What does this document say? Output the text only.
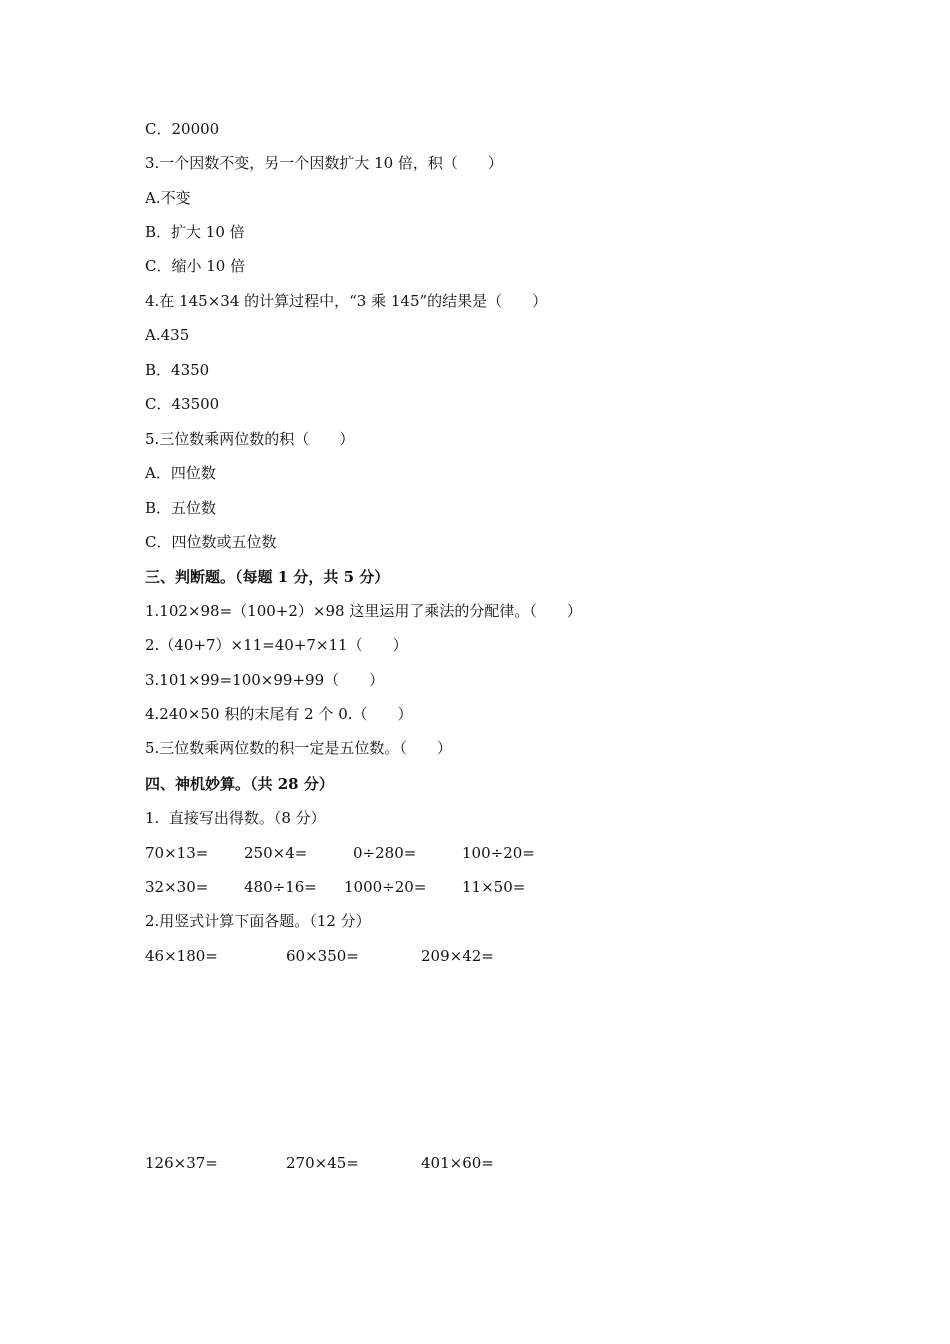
C．20000
3.一个因数不变，另一个因数扩大 10 倍，积（　　）
A.不变
B．扩大 10 倍
C．缩小 10 倍
4.在 145×34 的计算过程中，“3 乘 145”的结果是（　　）
A.435
B．4350
C．43500
5.三位数乘两位数的积（　　）
A．四位数
B．五位数
C．四位数或五位数
三、判断题。（每题 1 分，共 5 分）
1.102×98=（100+2）×98 这里运用了乘法的分配律。（　　）
2.（40+7）×11=40+7×11（　　）
3.101×99=100×99+99（　　）
4.240×50 积的末尾有 2 个 0.（　　）
5.三位数乘两位数的积一定是五位数。（　　）
四、神机妙算。（共 28 分）
1.  直接写出得数。（8 分）
70×13= 250×4=	0÷280=	100÷20=
32×30= 480÷16= 1000÷20= 11×50=
2.用竖式计算下面各题。（12 分）
46×180=	60×350=	209×42=
126×37=	270×45=	401×60=
